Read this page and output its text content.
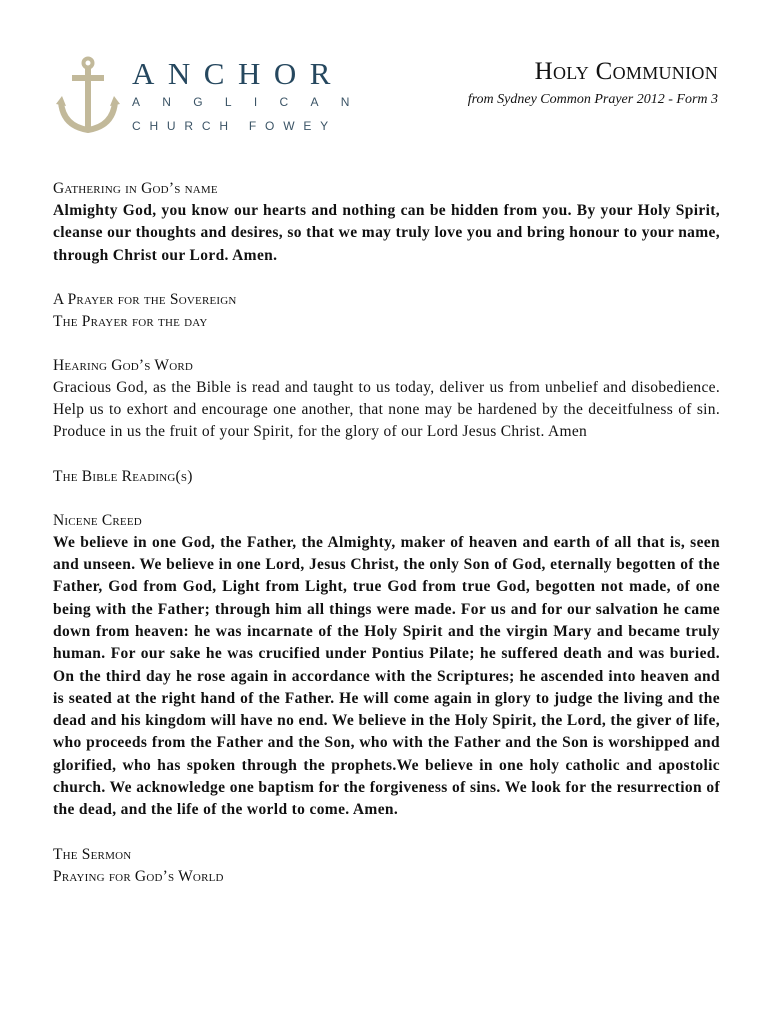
ANCHOR
ANGLICAN
CHURCH FOWEY
Holy Communion
from Sydney Common Prayer 2012 - Form 3

Gathering in God’s name

Almighty God, you know our hearts and nothing can be hidden from you. By your Holy Spirit, cleanse our thoughts and desires, so that we may truly love you and bring honour to your name, through Christ our Lord. Amen.

A Prayer for the Sovereign

The Prayer for the day

Hearing God’s Word

Gracious God, as the Bible is read and taught to us today, deliver us from unbelief and disobedience. Help us to exhort and encourage one another, that none may be hardened by the deceitfulness of sin. Produce in us the fruit of your Spirit, for the glory of our Lord Jesus Christ. Amen

The Bible Reading(s)

Nicene Creed

We believe in one God, the Father, the Almighty, maker of heaven and earth of all that is, seen and unseen. We believe in one Lord, Jesus Christ, the only Son of God, eternally begotten of the Father, God from God, Light from Light, true God from true God, begotten not made, of one being with the Father; through him all things were made. For us and for our salvation he came down from heaven: he was incarnate of the Holy Spirit and the virgin Mary and became truly human. For our sake he was crucified under Pontius Pilate; he suffered death and was buried. On the third day he rose again in accordance with the Scriptures; he ascended into heaven and is seated at the right hand of the Father. He will come again in glory to judge the living and the dead and his kingdom will have no end. We believe in the Holy Spirit, the Lord, the giver of life, who proceeds from the Father and the Son, who with the Father and the Son is worshipped and glorified, who has spoken through the prophets.We believe in one holy catholic and apostolic church. We acknowledge one baptism for the forgiveness of sins. We look for the resurrection of the dead, and the life of the world to come. Amen.

The Sermon

Praying for God’s World
